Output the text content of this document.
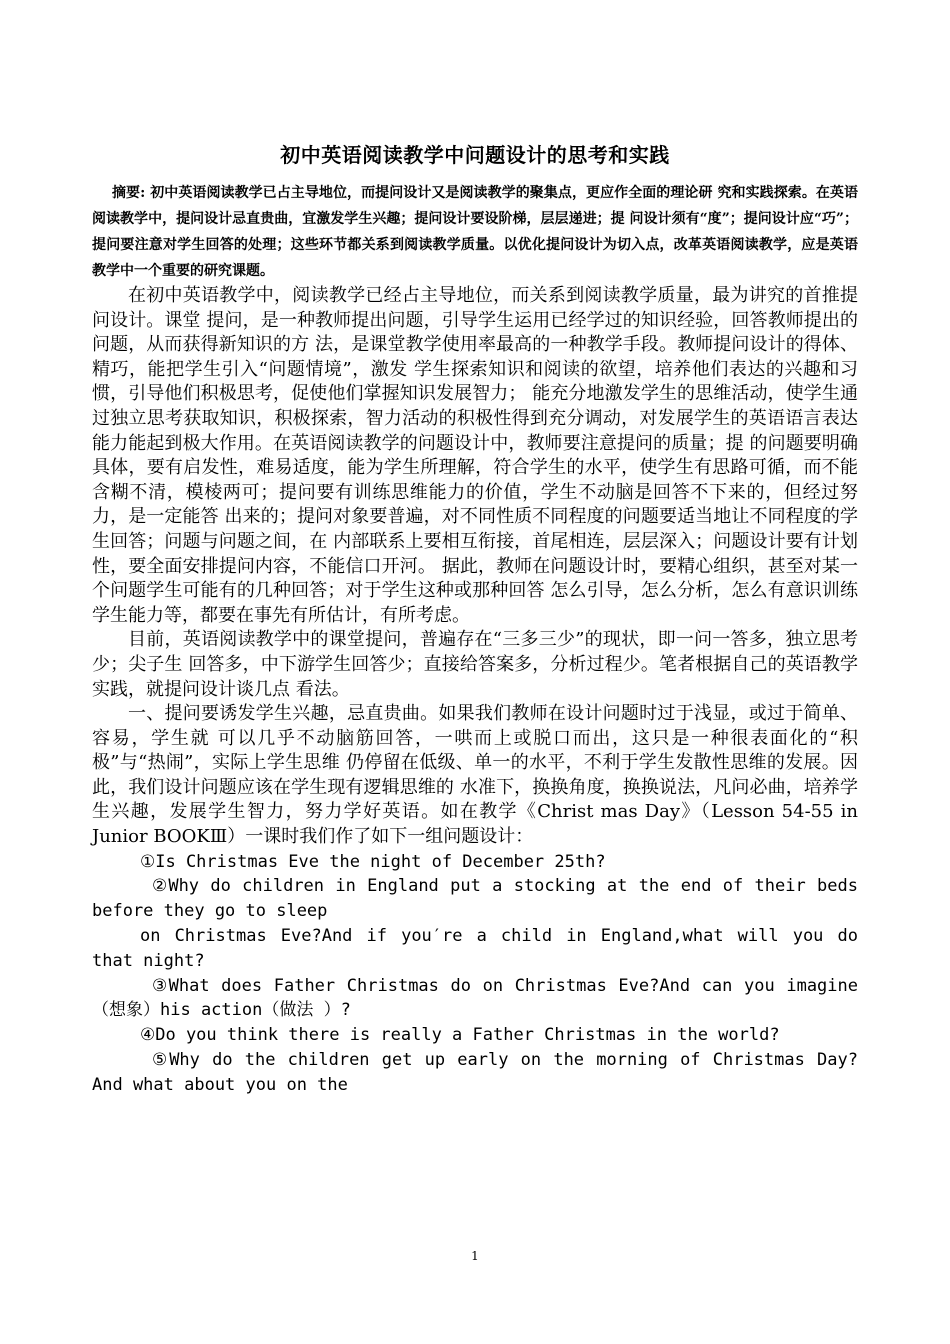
初中英语阅读教学中问题设计的思考和实践

摘要: 初中英语阅读教学已占主导地位，而提问设计又是阅读教学的聚集点，更应作全面的理论研 究和实践探索。在英语阅读教学中，提问设计忌直贵曲，宜激发学生兴趣；提问设计要设阶梯，层层递进；提 问设计须有“度”；提问设计应“巧”；提问要注意对学生回答的处理；这些环节都关系到阅读教学质量。以优化提问设计为切入点，改革英语阅读教学，应是英语教学中一个重要的研究课题。

在初中英语教学中，阅读教学已经占主导地位，而关系到阅读教学质量，最为讲究的首推提问设计。课堂 提问，是一种教师提出问题，引导学生运用已经学过的知识经验，回答教师提出的问题，从而获得新知识的方 法，是课堂教学使用率最高的一种教学手段。教师提问设计的得体、精巧，能把学生引入“问题情境”，激发 学生探索知识和阅读的欲望，培养他们表达的兴趣和习惯，引导他们积极思考，促使他们掌握知识发展智力； 能充分地激发学生的思维活动，使学生通过独立思考获取知识，积极探索，智力活动的积极性得到充分调动，对发展学生的英语语言表达能力能起到极大作用。在英语阅读教学的问题设计中，教师要注意提问的质量；提 的问题要明确具体，要有启发性，难易适度，能为学生所理解，符合学生的水平，使学生有思路可循，而不能 含糊不清，模棱两可；提问要有训练思维能力的价值，学生不动脑是回答不下来的，但经过努力，是一定能答 出来的；提问对象要普遍，对不同性质不同程度的问题要适当地让不同程度的学生回答；问题与问题之间，在 内部联系上要相互衔接，首尾相连，层层深入；问题设计要有计划性，要全面安排提问内容，不能信口开河。 据此，教师在问题设计时，要精心组织，甚至对某一个问题学生可能有的几种回答；对于学生这种或那种回答 怎么引导，怎么分析，怎么有意识训练学生能力等，都要在事先有所估计，有所考虑。

目前，英语阅读教学中的课堂提问，普遍存在“三多三少”的现状，即一问一答多，独立思考少；尖子生 回答多，中下游学生回答少；直接给答案多，分析过程少。笔者根据自己的英语教学实践，就提问设计谈几点 看法。

一、提问要诱发学生兴趣，忌直贵曲。如果我们教师在设计问题时过于浅显，或过于简单、容易，学生就 可以几乎不动脑筋回答，一哄而上或脱口而出，这只是一种很表面化的“积极”与“热闹”，实际上学生思维 仍停留在低级、单一的水平，不利于学生发散性思维的发展。因此，我们设计问题应该在学生现有逻辑思维的 水准下，换换角度，换换说法，凡问必曲，培养学生兴趣，发展学生智力，努力学好英语。如在教学《Christ mas Day》（Lesson 54-55 in Junior BOOKⅢ）一课时我们作了如下一组问题设计：

①Is Christmas Eve the night of December 25th?

②Why do children in England put a stocking at the end of their beds before they go to sleep

on Christmas Eve?And if you′re a child in England,what will you do that night?

③What does Father Christmas do on Christmas Eve?And can you imagine（想象）his action（做法 ）?

④Do you think there is really a Father Christmas in the world?

⑤Why do the children get up early on the morning of Christmas Day?And what about you on the

1
